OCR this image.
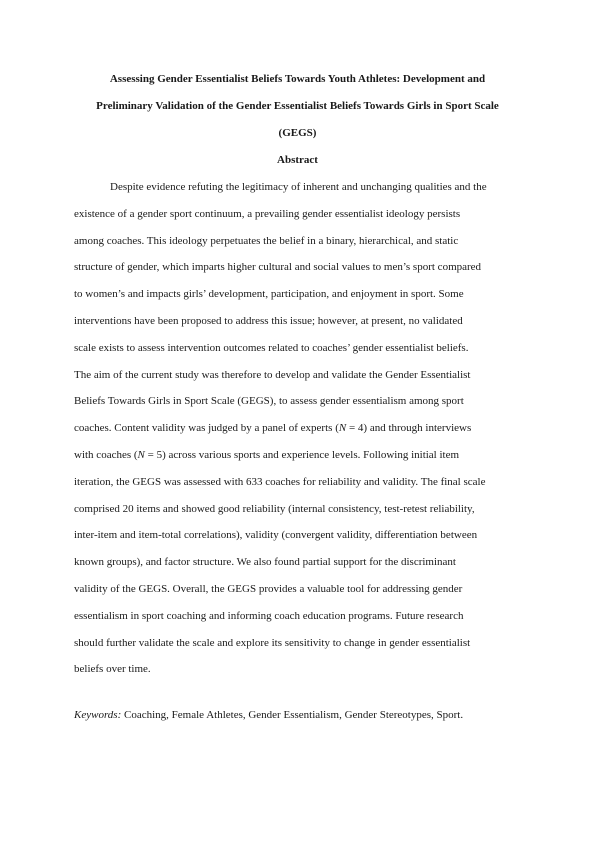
Assessing Gender Essentialist Beliefs Towards Youth Athletes: Development and
Preliminary Validation of the Gender Essentialist Beliefs Towards Girls in Sport Scale
(GEGS)
Abstract

Despite evidence refuting the legitimacy of inherent and unchanging qualities and the
existence of a gender sport continuum, a prevailing gender essentialist ideology persists
among coaches. This ideology perpetuates the belief in a binary, hierarchical, and static
structure of gender, which imparts higher cultural and social values to men’s sport compared
to women’s and impacts girls’ development, participation, and enjoyment in sport. Some
interventions have been proposed to address this issue; however, at present, no validated
scale exists to assess intervention outcomes related to coaches’ gender essentialist beliefs.
The aim of the current study was therefore to develop and validate the Gender Essentialist
Beliefs Towards Girls in Sport Scale (GEGS), to assess gender essentialism among sport
coaches. Content validity was judged by a panel of experts (N = 4) and through interviews
with coaches (N = 5) across various sports and experience levels. Following initial item
iteration, the GEGS was assessed with 633 coaches for reliability and validity. The final scale
comprised 20 items and showed good reliability (internal consistency, test-retest reliability,
inter-item and item-total correlations), validity (convergent validity, differentiation between
known groups), and factor structure. We also found partial support for the discriminant
validity of the GEGS. Overall, the GEGS provides a valuable tool for addressing gender
essentialism in sport coaching and informing coach education programs. Future research
should further validate the scale and explore its sensitivity to change in gender essentialist
beliefs over time.

Keywords: Coaching, Female Athletes, Gender Essentialism, Gender Stereotypes, Sport.
